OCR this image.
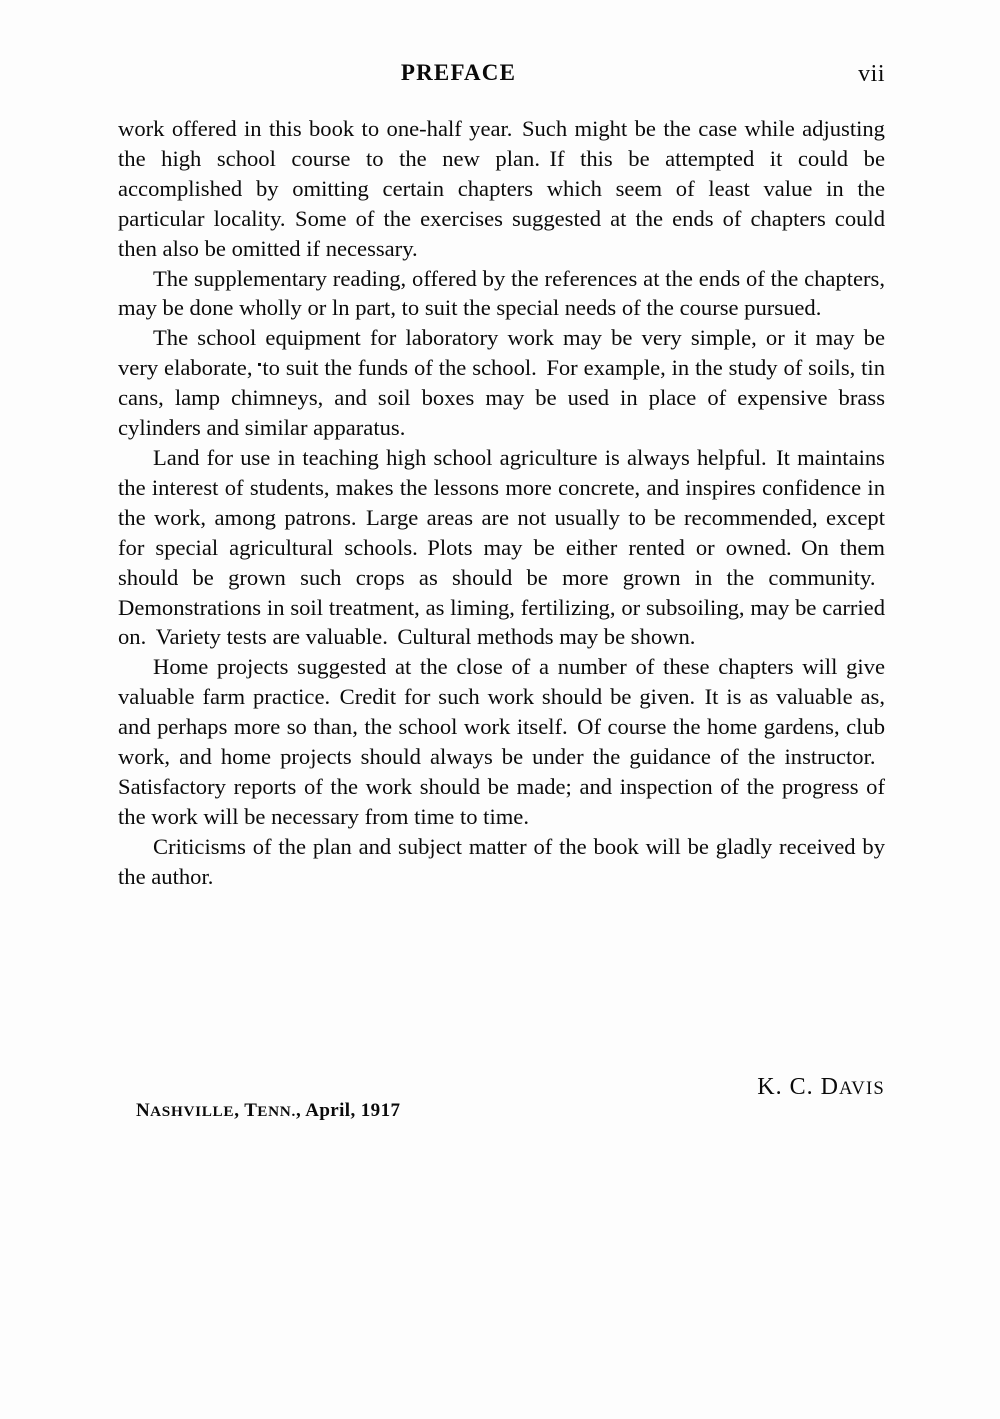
PREFACE	vii

work offered in this book to one-half year. Such might be the case while adjusting the high school course to the new plan. If this be attempted it could be accomplished by omitting certain chapters which seem of least value in the particular locality. Some of the exercises suggested at the ends of chapters could then also be omitted if necessary.

The supplementary reading, offered by the references at the ends of the chapters, may be done wholly or ln part, to suit the special needs of the course pursued.

The school equipment for laboratory work may be very simple, or it may be very elaborate, to suit the funds of the school. For example, in the study of soils, tin cans, lamp chimneys, and soil boxes may be used in place of expensive brass cylinders and similar apparatus.

Land for use in teaching high school agriculture is always helpful. It maintains the interest of students, makes the lessons more concrete, and inspires confidence in the work, among patrons. Large areas are not usually to be recommended, except for special agricultural schools. Plots may be either rented or owned. On them should be grown such crops as should be more grown in the community.Demonstrations in soil treatment, as liming, fertilizing, or subsoiling, may be carried on. Variety tests are valuable. Cultural methods may be shown.

Home projects suggested at the close of a number of these chapters will give valuable farm practice. Credit for such work should be given. It is as valuable as, and perhaps more so than, the school work itself. Of course the home gardens, club work, and home projects should always be under the guidance of the instructor.Satisfactory reports of the work should be made; and inspection of the progress of the work will be necessary from time to time.

Criticisms of the plan and subject matter of the book will be gladly received by the author.

K. C. DAVIS
NASHVILLE, TENN., April, 1917
